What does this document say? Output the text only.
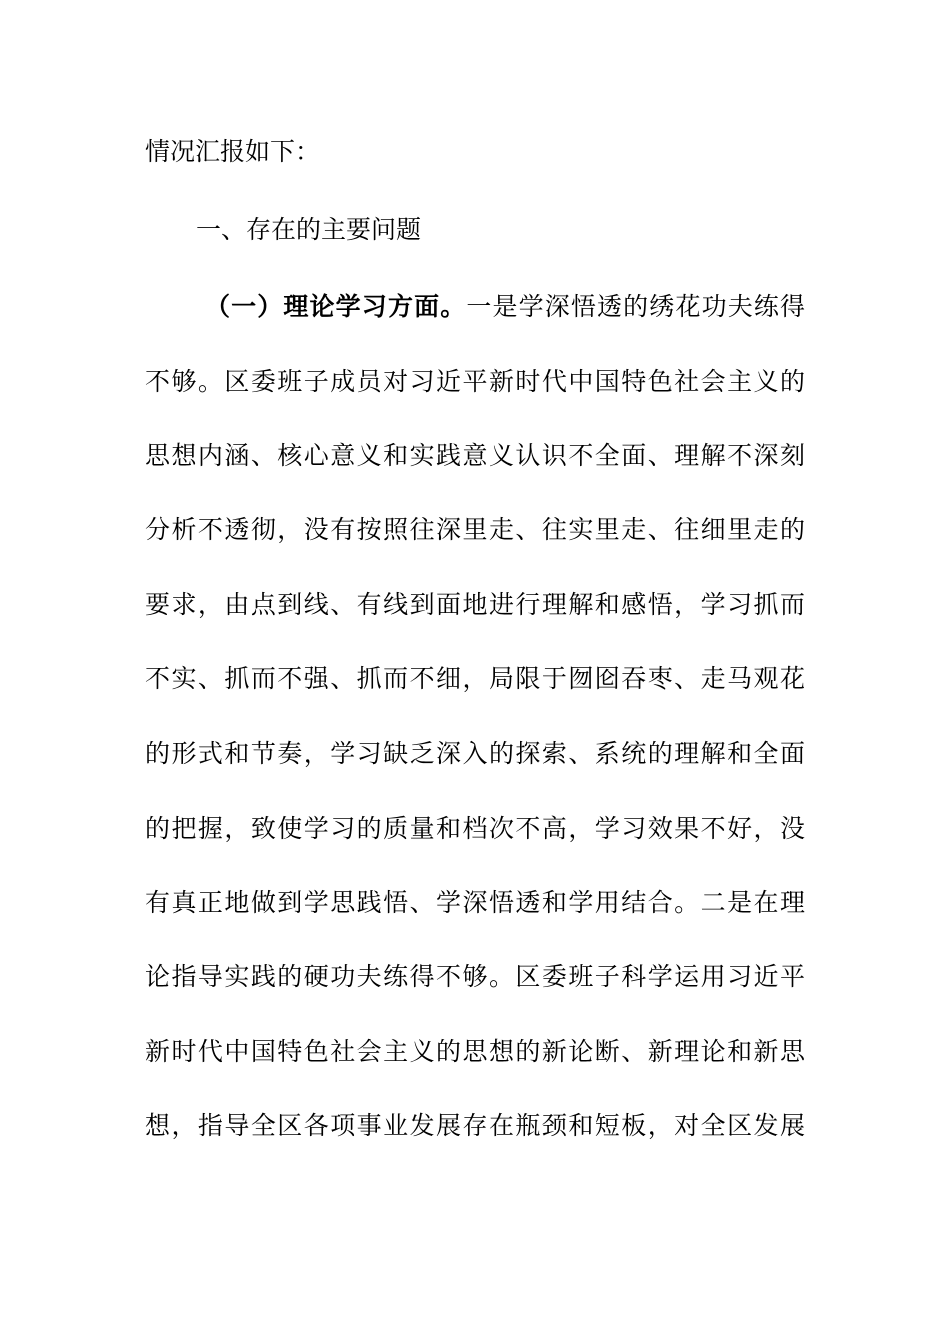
情况汇报如下：
一、存在的主要问题
（一）理论学习方面。一是学深悟透的绣花功夫练得
不够。区委班子成员对习近平新时代中国特色社会主义的
思想内涵、核心意义和实践意义认识不全面、理解不深刻
分析不透彻，没有按照往深里走、往实里走、往细里走的
要求，由点到线、有线到面地进行理解和感悟，学习抓而
不实、抓而不强、抓而不细，局限于囫囵吞枣、走马观花
的形式和节奏，学习缺乏深入的探索、系统的理解和全面
的把握，致使学习的质量和档次不高，学习效果不好，没
有真正地做到学思践悟、学深悟透和学用结合。二是在理
论指导实践的硬功夫练得不够。区委班子科学运用习近平
新时代中国特色社会主义的思想的新论断、新理论和新思
想，指导全区各项事业发展存在瓶颈和短板，对全区发展
